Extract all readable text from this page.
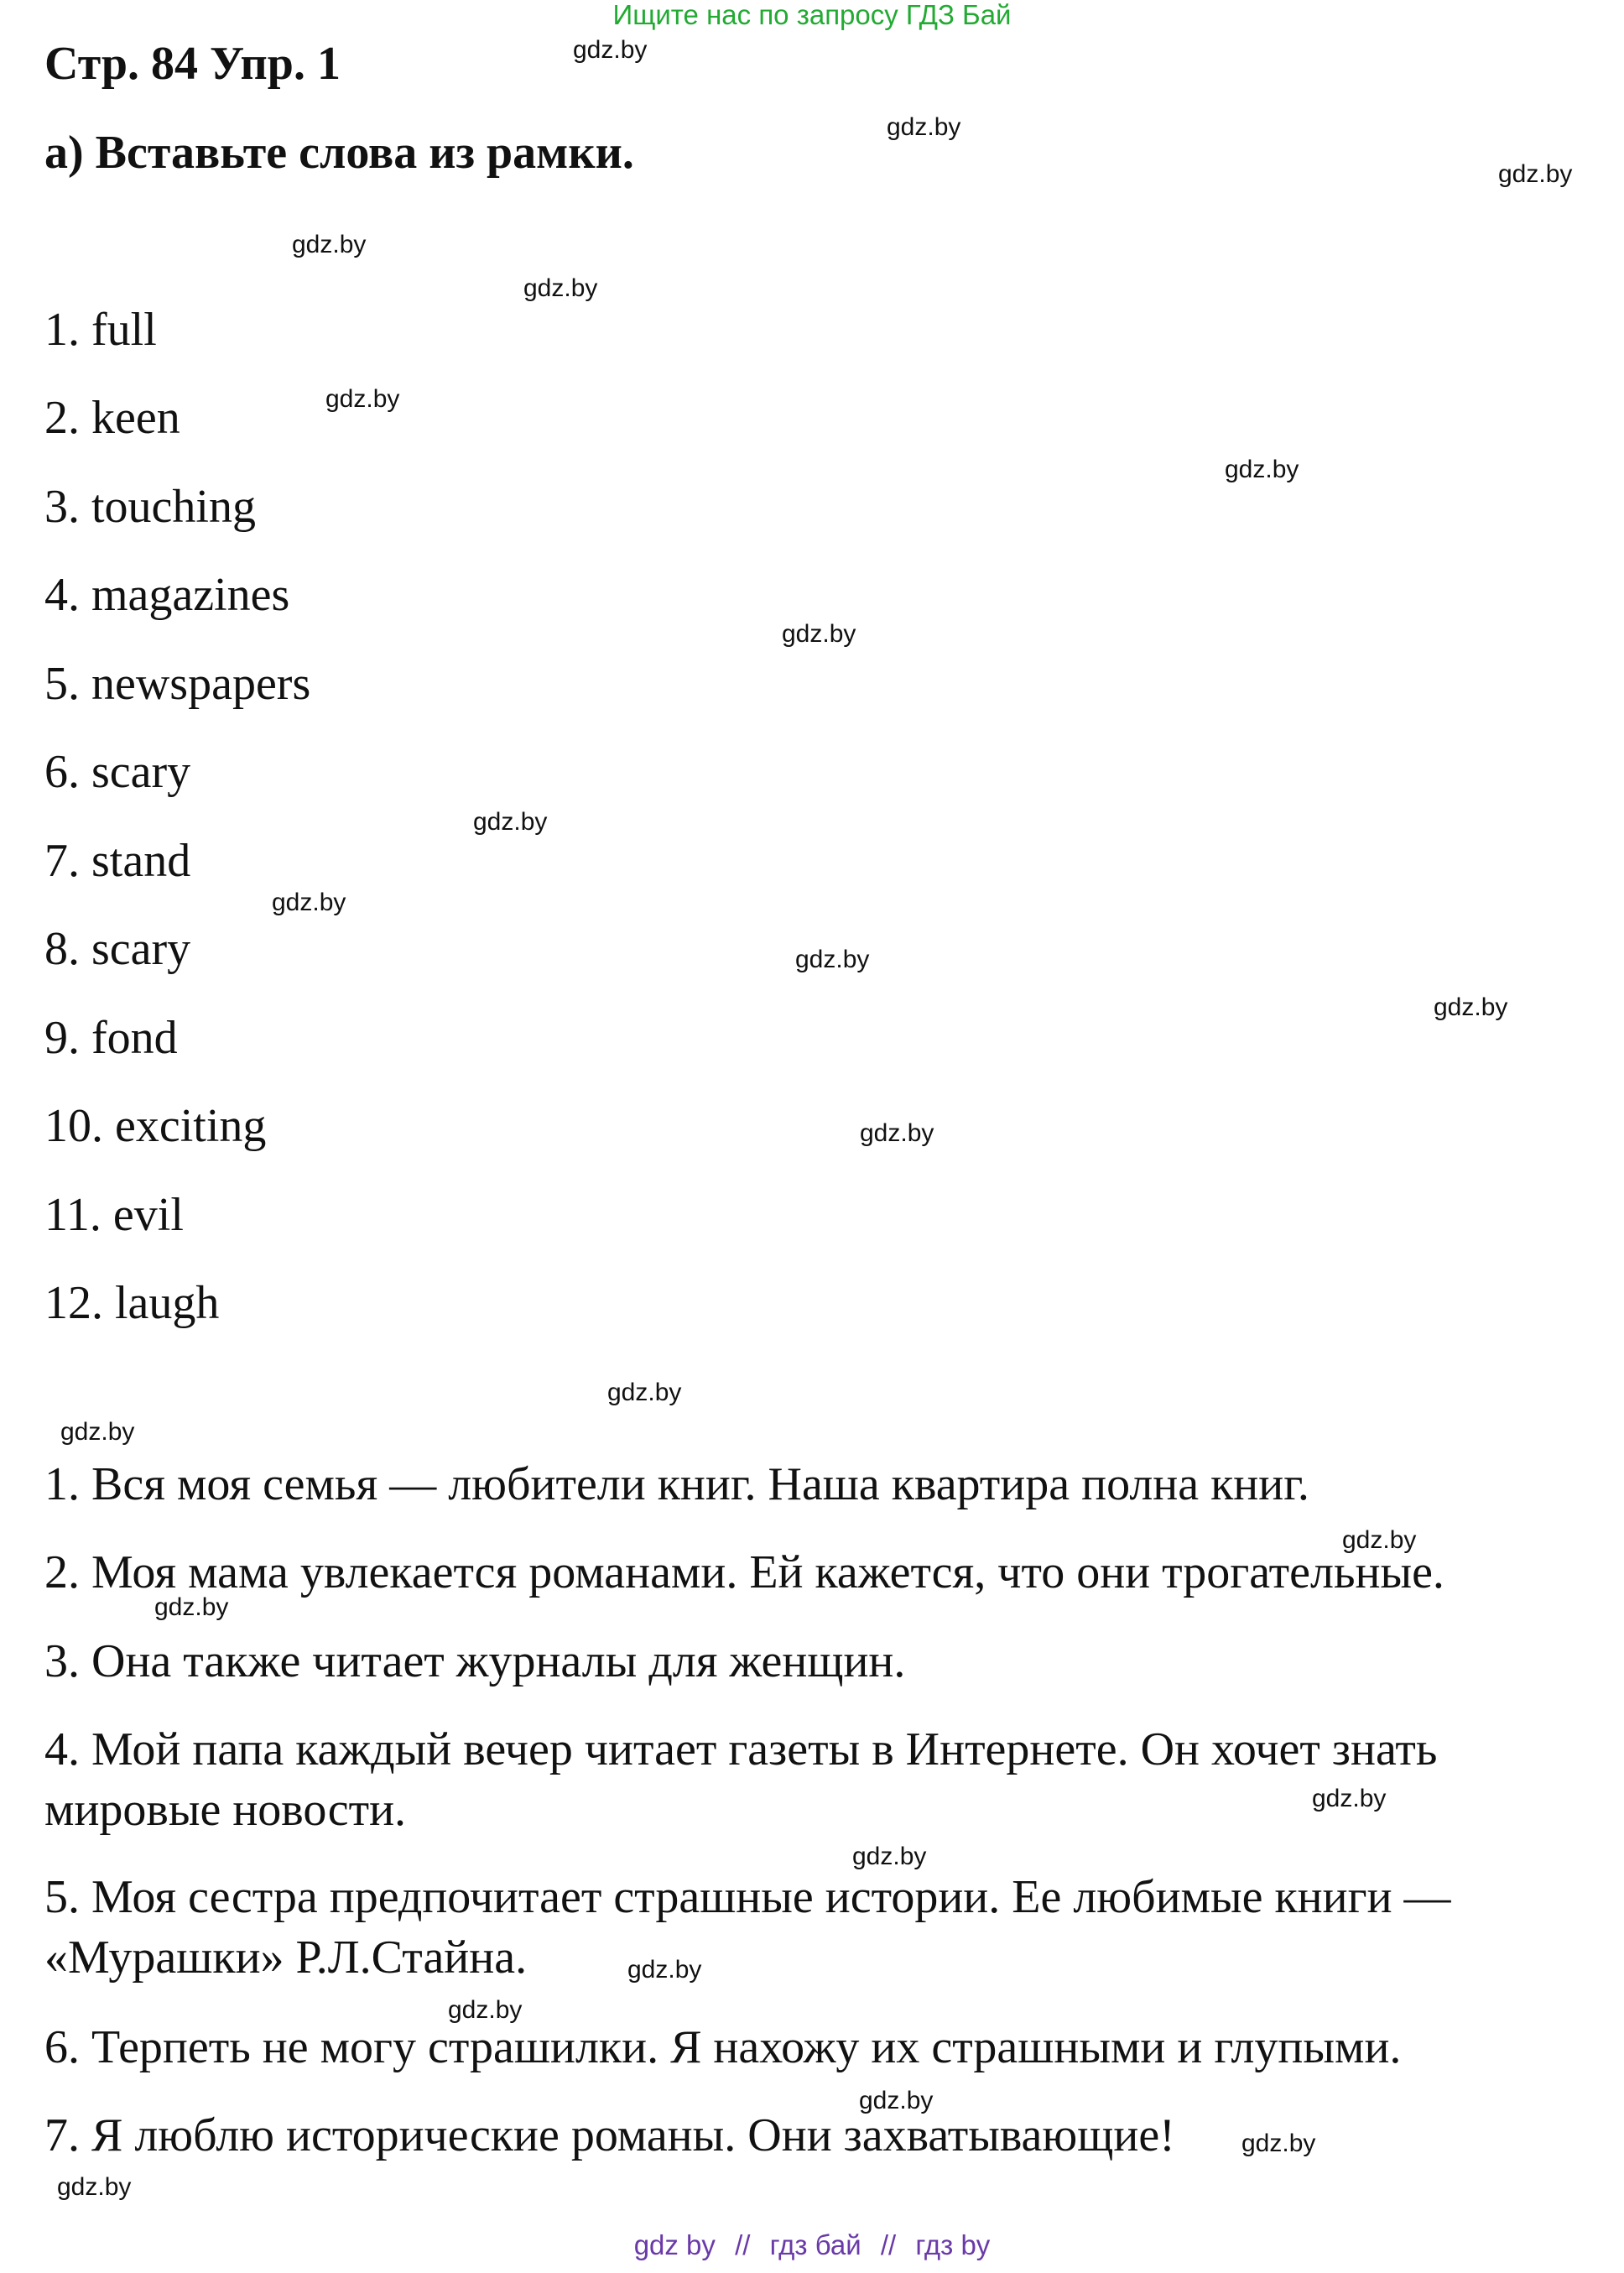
Ищите нас по запросу ГДЗ Бай
Стр. 84 Упр. 1
а) Вставьте слова из рамки.
1. full
2. keen
3. touching
4. magazines
5. newspapers
6. scary
7. stand
8. scary
9. fond
10. exciting
11. evil
12. laugh
1. Вся моя семья — любители книг. Наша квартира полна книг.
2. Моя мама увлекается романами. Ей кажется, что они трогательные.
3. Она также читает журналы для женщин.
4. Мой папа каждый вечер читает газеты в Интернете. Он хочет знать мировые новости.
5. Моя сестра предпочитает страшные истории. Ее любимые книги — «Мурашки» Р.Л.Стайна.
6. Терпеть не могу страшилки. Я нахожу их страшными и глупыми.
7. Я люблю исторические романы. Они захватывающие!
gdz.by
gdz.by
gdz.by
gdz.by
gdz.by
gdz.by
gdz.by
gdz.by
gdz.by
gdz.by
gdz.by
gdz.by
gdz.by
gdz.by
gdz.by
gdz.by
gdz.by
gdz.by
gdz.by
gdz.by
gdz.by
gdz.by
gdz.by
gdz.by
gdz by // гдз бай // гдз by
